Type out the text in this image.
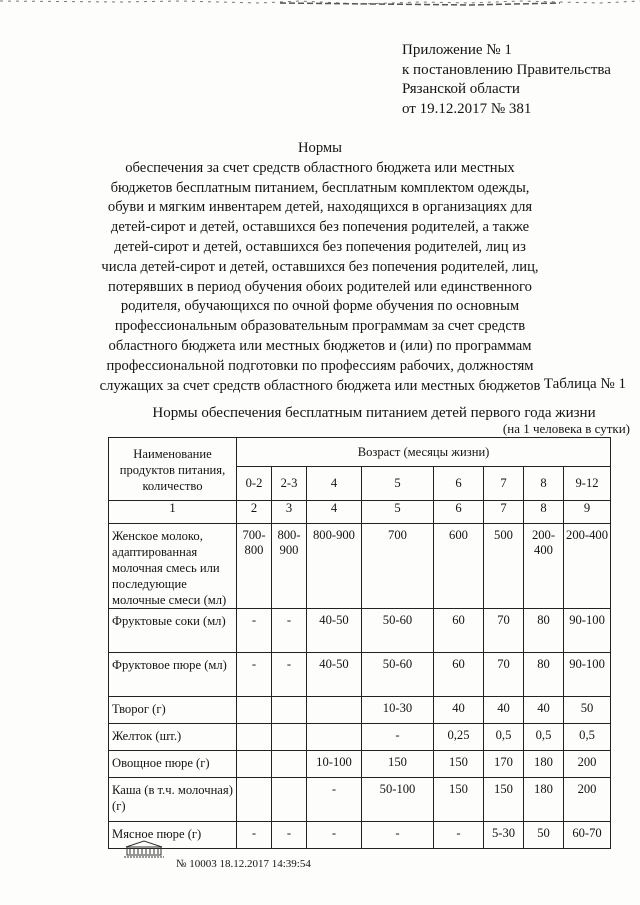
Приложение № 1
к постановлению Правительства
Рязанской области
от 19.12.2017 № 381
Нормы
обеспечения за счет средств областного бюджета или местных
бюджетов бесплатным питанием, бесплатным комплектом одежды,
обуви и мягким инвентарем детей, находящихся в организациях для
детей-сирот и детей, оставшихся без попечения родителей, а также
детей-сирот и детей, оставшихся без попечения родителей, лиц из
числа детей-сирот и детей, оставшихся без попечения родителей, лиц,
потерявших в период обучения обоих родителей или единственного
родителя, обучающихся по очной форме обучения по основным
профессиональным образовательным программам за счет средств
областного бюджета или местных бюджетов и (или) по программам
профессиональной подготовки по профессиям рабочих, должностям
служащих за счет средств областного бюджета или местных бюджетов Таблица № 1
Нормы обеспечения бесплатным питанием детей первого года жизни
(на 1 человека в сутки)
Наименование продуктов питания, количество	Возраст (месяцы жизни)							
	0-2	2-3	4	5	6	7	8	9-12
1	2	3	4	5	6	7	8	9
Женское молоко, адаптированная молочная смесь или последующие молочные смеси (мл)	700-800	800-900	800-900	700	600	500	200-400	200-400
Фруктовые соки (мл)	-	-	40-50	50-60	60	70	80	90-100
Фруктовое пюре (мл)	-	-	40-50	50-60	60	70	80	90-100
Творог (г)				10-30	40	40	40	50
Желток (шт.)				-	0,25	0,5	0,5	0,5
Овощное пюре (г)			10-100	150	150	170	180	200
Каша (в т.ч. молочная) (г)			-	50-100	150	150	180	200
Мясное пюре (г)	-	-	-	-	-	5-30	50	60-70
№ 10003 18.12.2017 14:39:54
